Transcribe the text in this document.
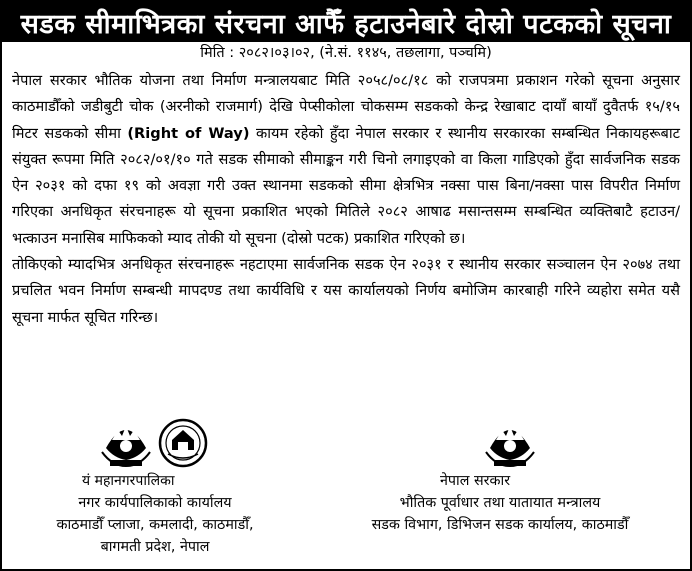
सडक सीमाभित्रका संरचना आफैँ हटाउनेबारे दोस्रो पटकको सूचना
मिति : २०८२।०३।०२, (ने.सं. ११४५, तछलागा, पञ्चमि)

नेपाल सरकार भौतिक योजना तथा निर्माण मन्त्रालयबाट मिति २०५८/०८/१८ को राजपत्रमा प्रकाशन गरेको सूचना अनुसार काठमाडौँको जडीबुटी चोक (अरनीको राजमार्ग) देखि पेप्सीकोला चोकसम्म सडकको केन्द्र रेखाबाट दायाँ बायाँ दुवैतर्फ १५/१५ मिटर सडकको सीमा (Right of Way) कायम रहेको हुँदा नेपाल सरकार र स्थानीय सरकारका सम्बन्धित निकायहरूबाट संयुक्त रूपमा मिति २०८२/०१/१० गते सडक सीमाको सीमाङ्कन गरी चिनो लगाइएको वा किला गाडिएको हुँदा सार्वजनिक सडक ऐन २०३१ को दफा १९ को अवज्ञा गरी उक्त स्थानमा सडकको सीमा क्षेत्रभित्र नक्सा पास बिना/नक्सा पास विपरीत निर्माण गरिएका अनधिकृत संरचनाहरू यो सूचना प्रकाशित भएको मितिले २०८२ आषाढ मसान्तसम्म सम्बन्धित व्यक्तिबाटै हटाउन/भत्काउन मनासिब माफिकको म्याद तोकी यो सूचना (दोस्रो पटक) प्रकाशित गरिएको छ।

तोकिएको म्यादभित्र अनधिकृत संरचनाहरू नहटाएमा सार्वजनिक सडक ऐन २०३१ र स्थानीय सरकार सञ्चालन ऐन २०७४ तथा प्रचलित भवन निर्माण सम्बन्धी मापदण्ड तथा कार्यविधि र यस कार्यालयको निर्णय बमोजिम कारबाही गरिने व्यहोरा समेत यसै सूचना मार्फत सूचित गरिन्छ।

यं महानगरपालिका
नगर कार्यपालिकाको कार्यालय
काठमाडौँ प्लाजा, कमलादी, काठमाडौँ,
बागमती प्रदेश, नेपाल
नेपाल सरकार
भौतिक पूर्वाधार तथा यातायात मन्त्रालय
सडक विभाग, डिभिजन सडक कार्यालय, काठमाडौँ
